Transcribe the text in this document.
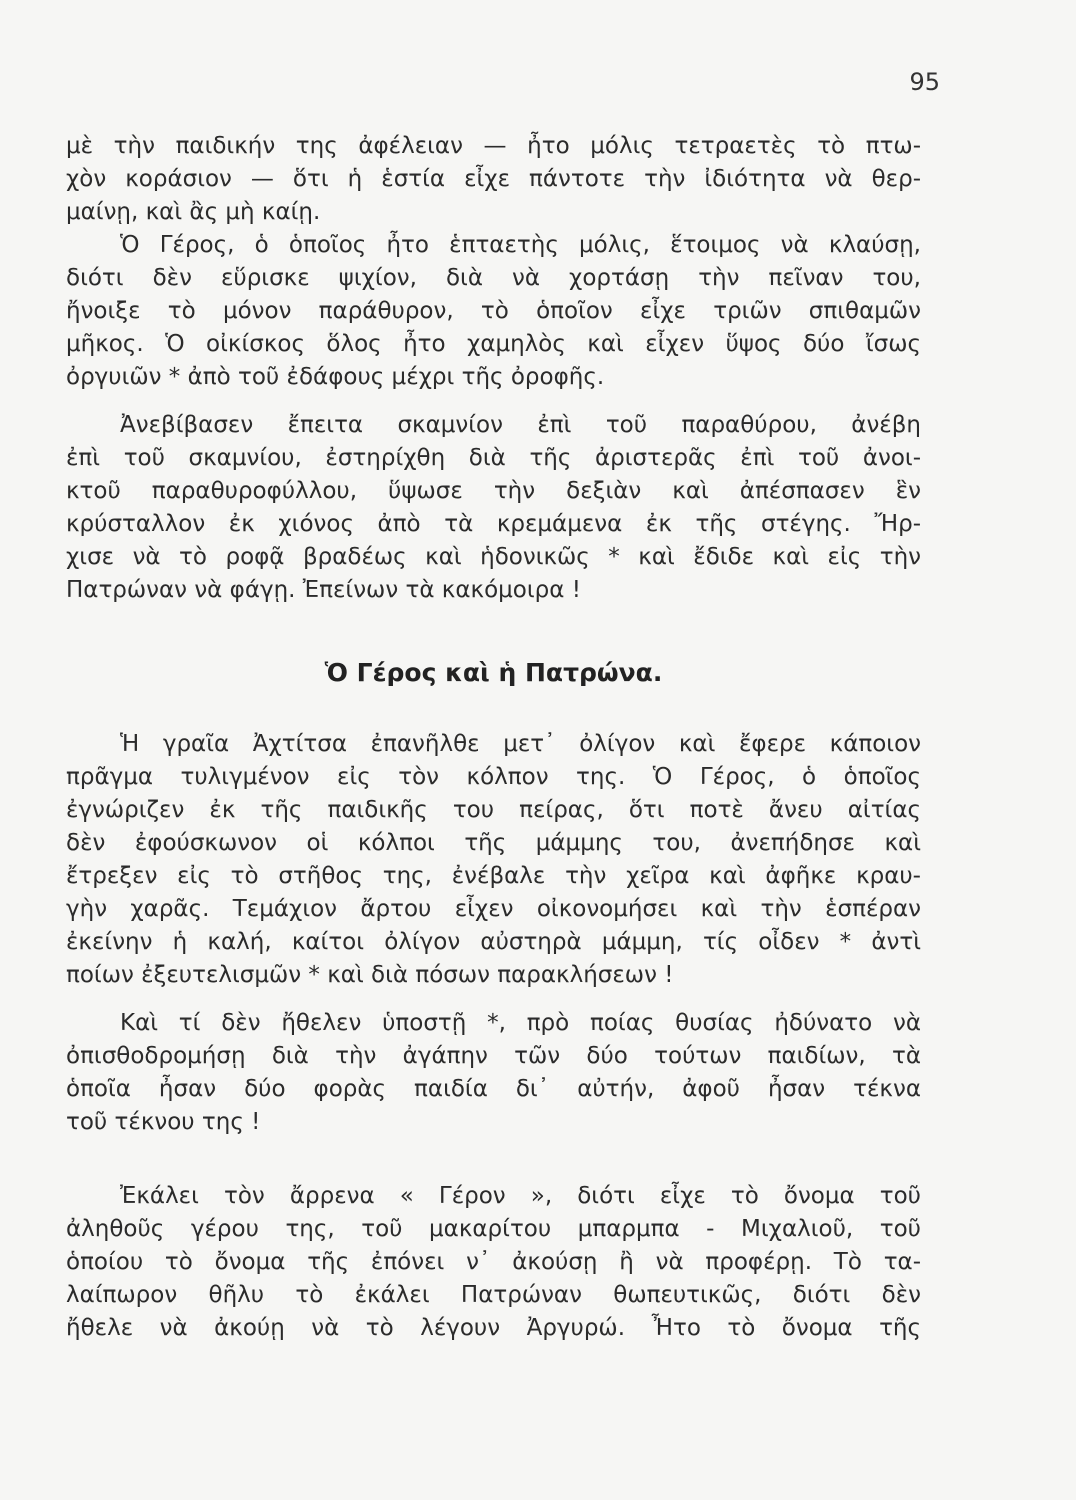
95
μὲ τὴν παιδικήν της ἀφέλειαν — ἦτο μόλις τετραετὲς τὸ πτω-
χὸν κοράσιον — ὅτι ἡ ἑστία εἶχε πάντοτε τὴν ἰδιότητα νὰ θερ-
μαίνῃ, καὶ ἂς μὴ καίῃ.
Ὁ Γέρος, ὁ ὁποῖος ἦτο ἑπταετὴς μόλις, ἕτοιμος νὰ κλαύσῃ,
διότι δὲν εὕρισκε ψιχίον, διὰ νὰ χορτάσῃ τὴν πεῖναν του,
ἤνοιξε τὸ μόνον παράθυρον, τὸ ὁποῖον εἶχε τριῶν σπιθαμῶν
μῆκος. Ὁ οἰκίσκος ὅλος ἦτο χαμηλὸς καὶ εἶχεν ὕψος δύο ἴσως
ὀργυιῶν * ἀπὸ τοῦ ἐδάφους μέχρι τῆς ὀροφῆς.
Ἀνεβίβασεν ἔπειτα σκαμνίον ἐπὶ τοῦ παραθύρου, ἀνέβη
ἐπὶ τοῦ σκαμνίου, ἐστηρίχθη διὰ τῆς ἀριστερᾶς ἐπὶ τοῦ ἀνοι-
κτοῦ παραθυροφύλλου, ὕψωσε τὴν δεξιὰν καὶ ἀπέσπασεν ἓν
κρύσταλλον ἐκ χιόνος ἀπὸ τὰ κρεμάμενα ἐκ τῆς στέγης. Ἤρ-
χισε νὰ τὸ ροφᾷ βραδέως καὶ ἡδονικῶς * καὶ ἔδιδε καὶ εἰς τὴν
Πατρώναν νὰ φάγῃ. Ἐπείνων τὰ κακόμοιρα !
Ὁ Γέρος καὶ ἡ Πατρώνα.
Ἡ γραῖα Ἀχτίτσα ἐπανῆλθε μετ᾽ ὀλίγον καὶ ἔφερε κάποιον
πρᾶγμα τυλιγμένον εἰς τὸν κόλπον της. Ὁ Γέρος, ὁ ὁποῖος
ἐγνώριζεν ἐκ τῆς παιδικῆς του πείρας, ὅτι ποτὲ ἄνευ αἰτίας
δὲν ἐφούσκωνον οἱ κόλποι τῆς μάμμης του, ἀνεπήδησε καὶ
ἔτρεξεν εἰς τὸ στῆθος της, ἐνέβαλε τὴν χεῖρα καὶ ἀφῆκε κραυ-
γὴν χαρᾶς. Τεμάχιον ἄρτου εἶχεν οἰκονομήσει καὶ τὴν ἑσπέραν
ἐκείνην ἡ καλή, καίτοι ὀλίγον αὐστηρὰ μάμμη, τίς οἶδεν * ἀντὶ
ποίων ἐξευτελισμῶν * καὶ διὰ πόσων παρακλήσεων !
Καὶ τί δὲν ἤθελεν ὑποστῇ *, πρὸ ποίας θυσίας ἠδύνατο νὰ
ὀπισθοδρομήσῃ διὰ τὴν ἀγάπην τῶν δύο τούτων παιδίων, τὰ
ὁποῖα ἦσαν δύο φορὰς παιδία δι᾽ αὐτήν, ἀφοῦ ἦσαν τέκνα
τοῦ τέκνου της !
Ἐκάλει τὸν ἄρρενα « Γέρον », διότι εἶχε τὸ ὄνομα τοῦ
ἀληθοῦς γέρου της, τοῦ μακαρίτου μπαρμπα - Μιχαλιοῦ, τοῦ
ὁποίου τὸ ὄνομα τῆς ἐπόνει ν᾽ ἀκούσῃ ἢ νὰ προφέρῃ. Τὸ τα-
λαίπωρον θῆλυ τὸ ἐκάλει Πατρώναν θωπευτικῶς, διότι δὲν
ἤθελε νὰ ἀκούῃ νὰ τὸ λέγουν Ἀργυρώ. Ἦτο τὸ ὄνομα τῆς
